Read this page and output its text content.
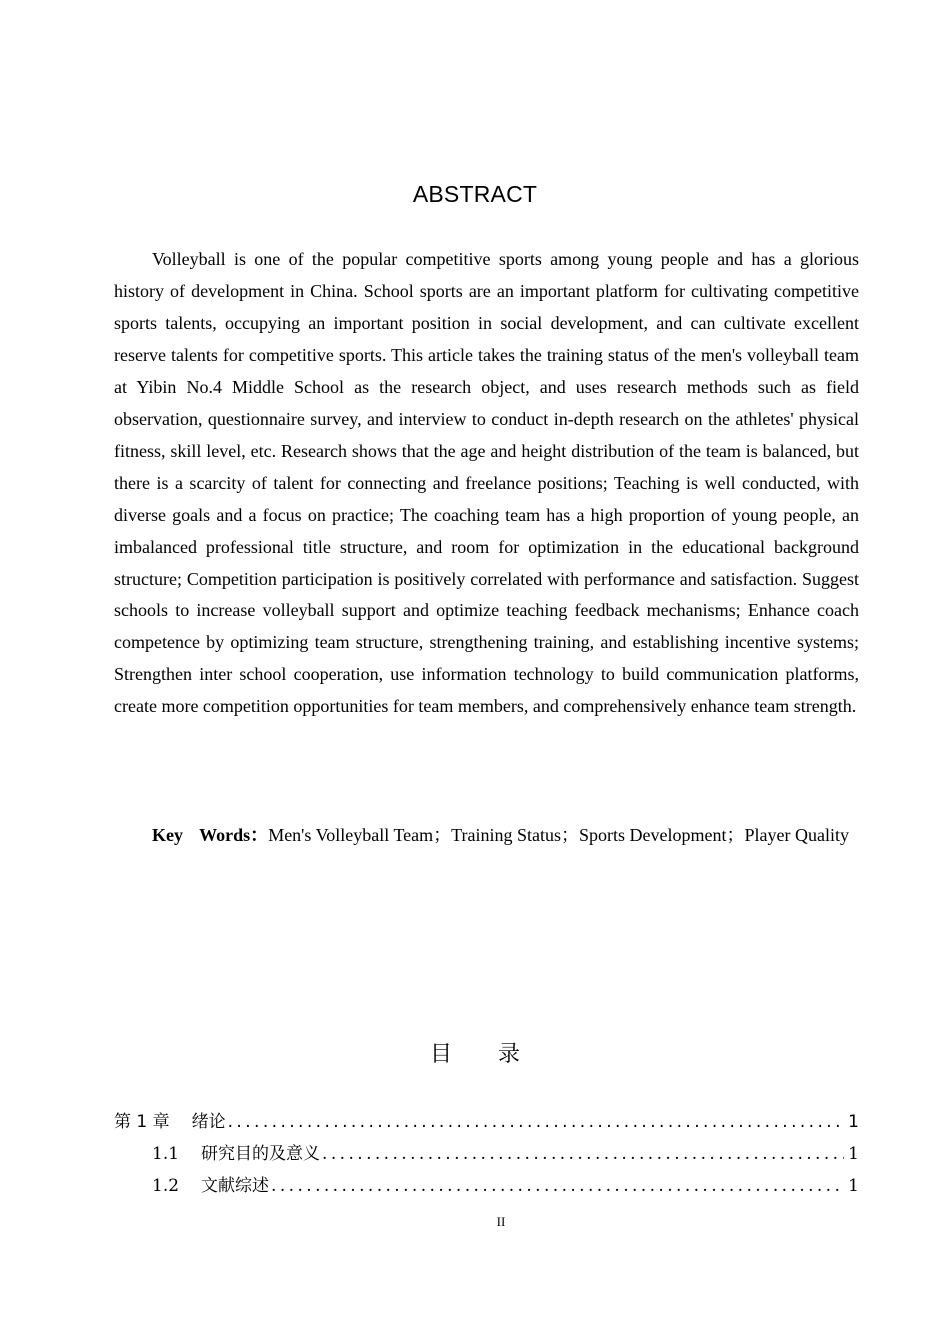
ABSTRACT

Volleyball is one of the popular competitive sports among young people and has a glorious history of development in China. School sports are an important platform for cultivating competitive sports talents, occupying an important position in social development, and can cultivate excellent reserve talents for competitive sports. This article takes the training status of the men's volleyball team at Yibin No.4 Middle School as the research object, and uses research methods such as field observation, questionnaire survey, and interview to conduct in-depth research on the athletes' physical fitness, skill level, etc. Research shows that the age and height distribution of the team is balanced, but there is a scarcity of talent for connecting and freelance positions; Teaching is well conducted, with diverse goals and a focus on practice; The coaching team has a high proportion of young people, an imbalanced professional title structure, and room for optimization in the educational background structure; Competition participation is positively correlated with performance and satisfaction. Suggest schools to increase volleyball support and optimize teaching feedback mechanisms; Enhance coach competence by optimizing team structure, strengthening training, and establishing incentive systems; Strengthen inter school cooperation, use information technology to build communication platforms, create more competition opportunities for team members, and comprehensively enhance team strength.

Key Words：Men's Volleyball Team；Training Status；Sports Development；Player Quality

目录
第 1 章 绪论 .....	1
1.1 研究目的及意义 .....	1
1.2 文献综述 .....	1
II
